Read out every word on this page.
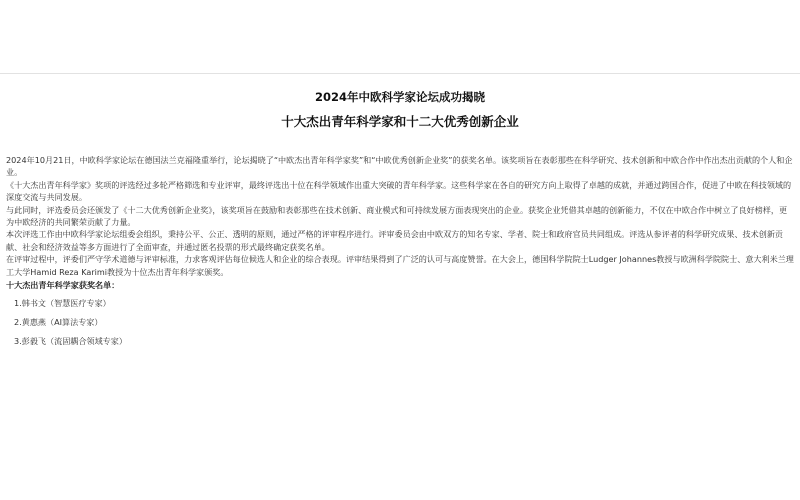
2024年中欧科学家论坛成功揭晓
十大杰出青年科学家和十二大优秀创新企业

2024年10月21日，中欧科学家论坛在德国法兰克福隆重举行，论坛揭晓了“中欧杰出青年科学家奖”和“中欧优秀创新企业奖”的获奖名单。该奖项旨在表彰那些在科学研究、技术创新和中欧合作中作出杰出贡献的个人和企业。

《十大杰出青年科学家》奖项的评选经过多轮严格筛选和专业评审，最终评选出十位在科学领域作出重大突破的青年科学家。这些科学家在各自的研究方向上取得了卓越的成就，并通过跨国合作，促进了中欧在科技领域的深度交流与共同发展。

与此同时，评选委员会还颁发了《十二大优秀创新企业奖》，该奖项旨在鼓励和表彰那些在技术创新、商业模式和可持续发展方面表现突出的企业。获奖企业凭借其卓越的创新能力，不仅在中欧合作中树立了良好榜样，更为中欧经济的共同繁荣贡献了力量。

本次评选工作由中欧科学家论坛组委会组织，秉持公平、公正、透明的原则，通过严格的评审程序进行。评审委员会由中欧双方的知名专家、学者、院士和政府官员共同组成。评选从参评者的科学研究成果、技术创新贡献、社会和经济效益等多方面进行了全面审查，并通过匿名投票的形式最终确定获奖名单。

在评审过程中，评委们严守学术道德与评审标准，力求客观评估每位候选人和企业的综合表现。评审结果得到了广泛的认可与高度赞誉。在大会上，德国科学院院士Ludger Johannes教授与欧洲科学院院士、意大利米兰理工大学Hamid Reza Karimi教授为十位杰出青年科学家颁奖。

十大杰出青年科学家获奖名单：

1.韩书文（智慧医疗专家）
2.黄惠燕（AI算法专家）
3.彭毅飞（流固耦合领域专家）
